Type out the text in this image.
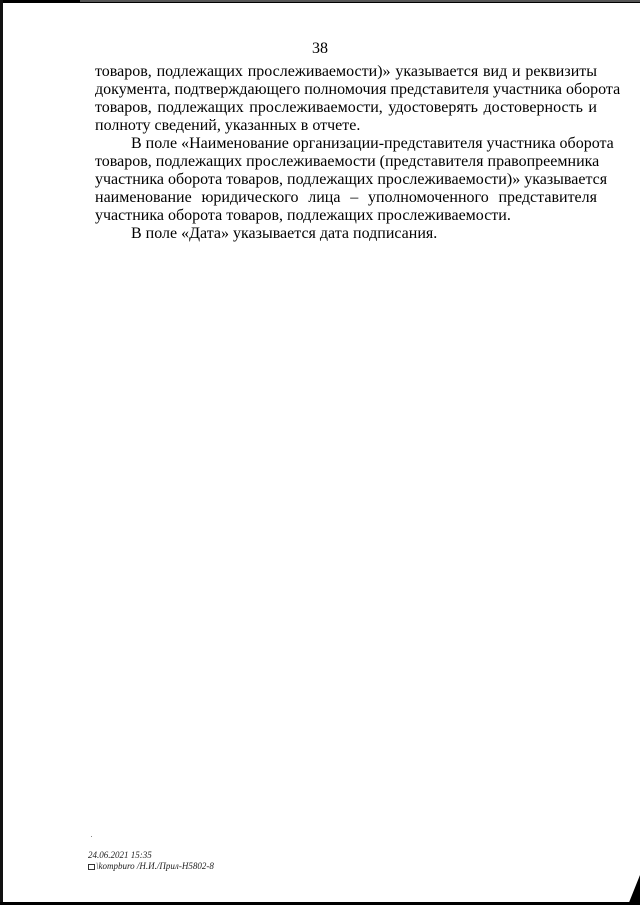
38

товаров, подлежащих прослеживаемости)» указывается вид и реквизиты
документа, подтверждающего полномочия представителя участника оборота
товаров, подлежащих прослеживаемости, удостоверять достоверность и
полноту сведений, указанных в отчете.

В поле «Наименование организации-представителя участника оборота
товаров, подлежащих прослеживаемости (представителя правопреемника
участника оборота товаров, подлежащих прослеживаемости)» указывается
наименование юридического лица – уполномоченного представителя
участника оборота товаров, подлежащих прослеживаемости.

В поле «Дата» указывается дата подписания.

24.06.2021 15:35
\kompburo /Н.И./Прил-Н5802-8
